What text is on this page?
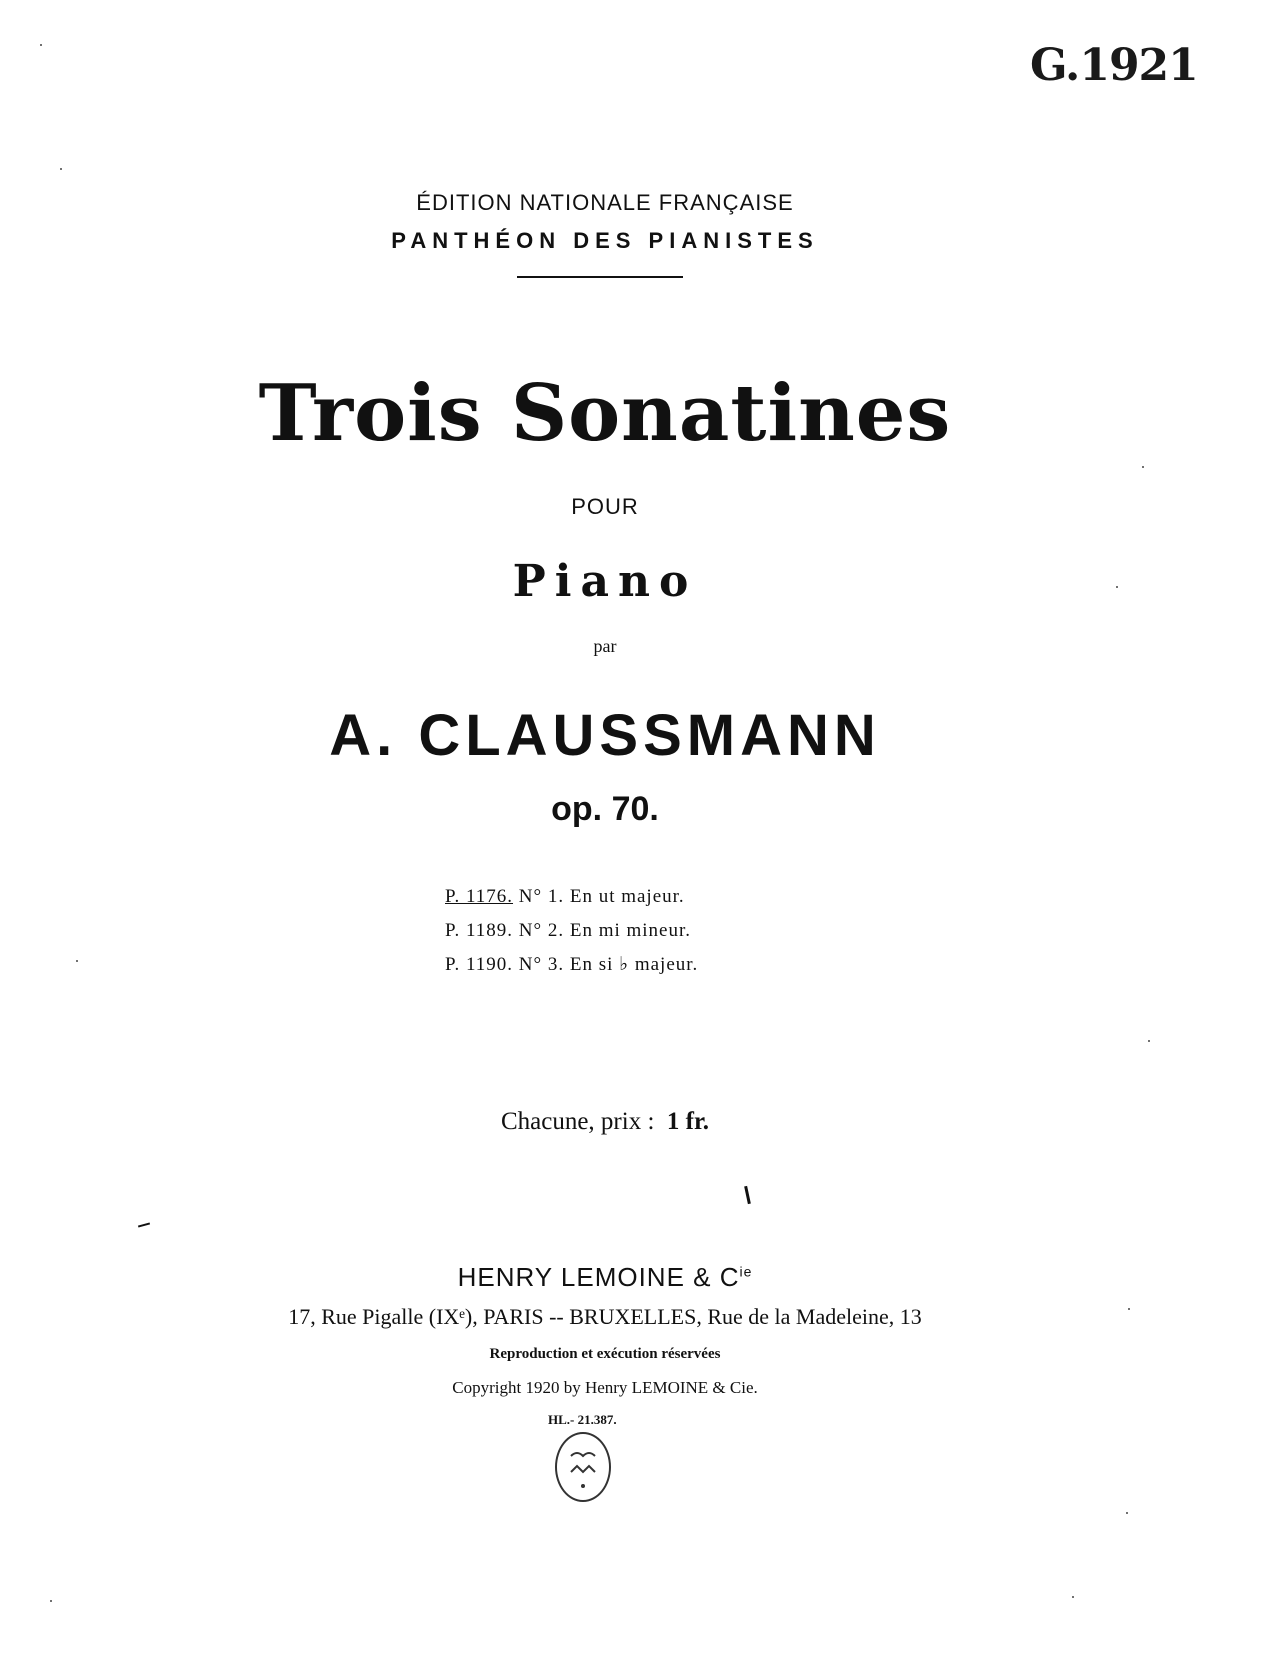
G.1921
ÉDITION NATIONALE FRANÇAISE
PANTHÉON DES PIANISTES
Trois Sonatines
POUR
Piano
par
A. CLAUSSMANN
op. 70.
P. 1176. N° 1. En ut majeur.
P. 1189. N° 2. En mi mineur.
P. 1190. N° 3. En si ♭ majeur.
Chacune, prix : 1 fr.
HENRY LEMOINE & $C^{ie}$
17, Rue Pigalle (IXᵉ), PARIS -- BRUXELLES, Rue de la Madeleine, 13
Reproduction et exécution réservées
Copyright 1920 by Henry LEMOINE & Cie.
HL.- 21.387.
